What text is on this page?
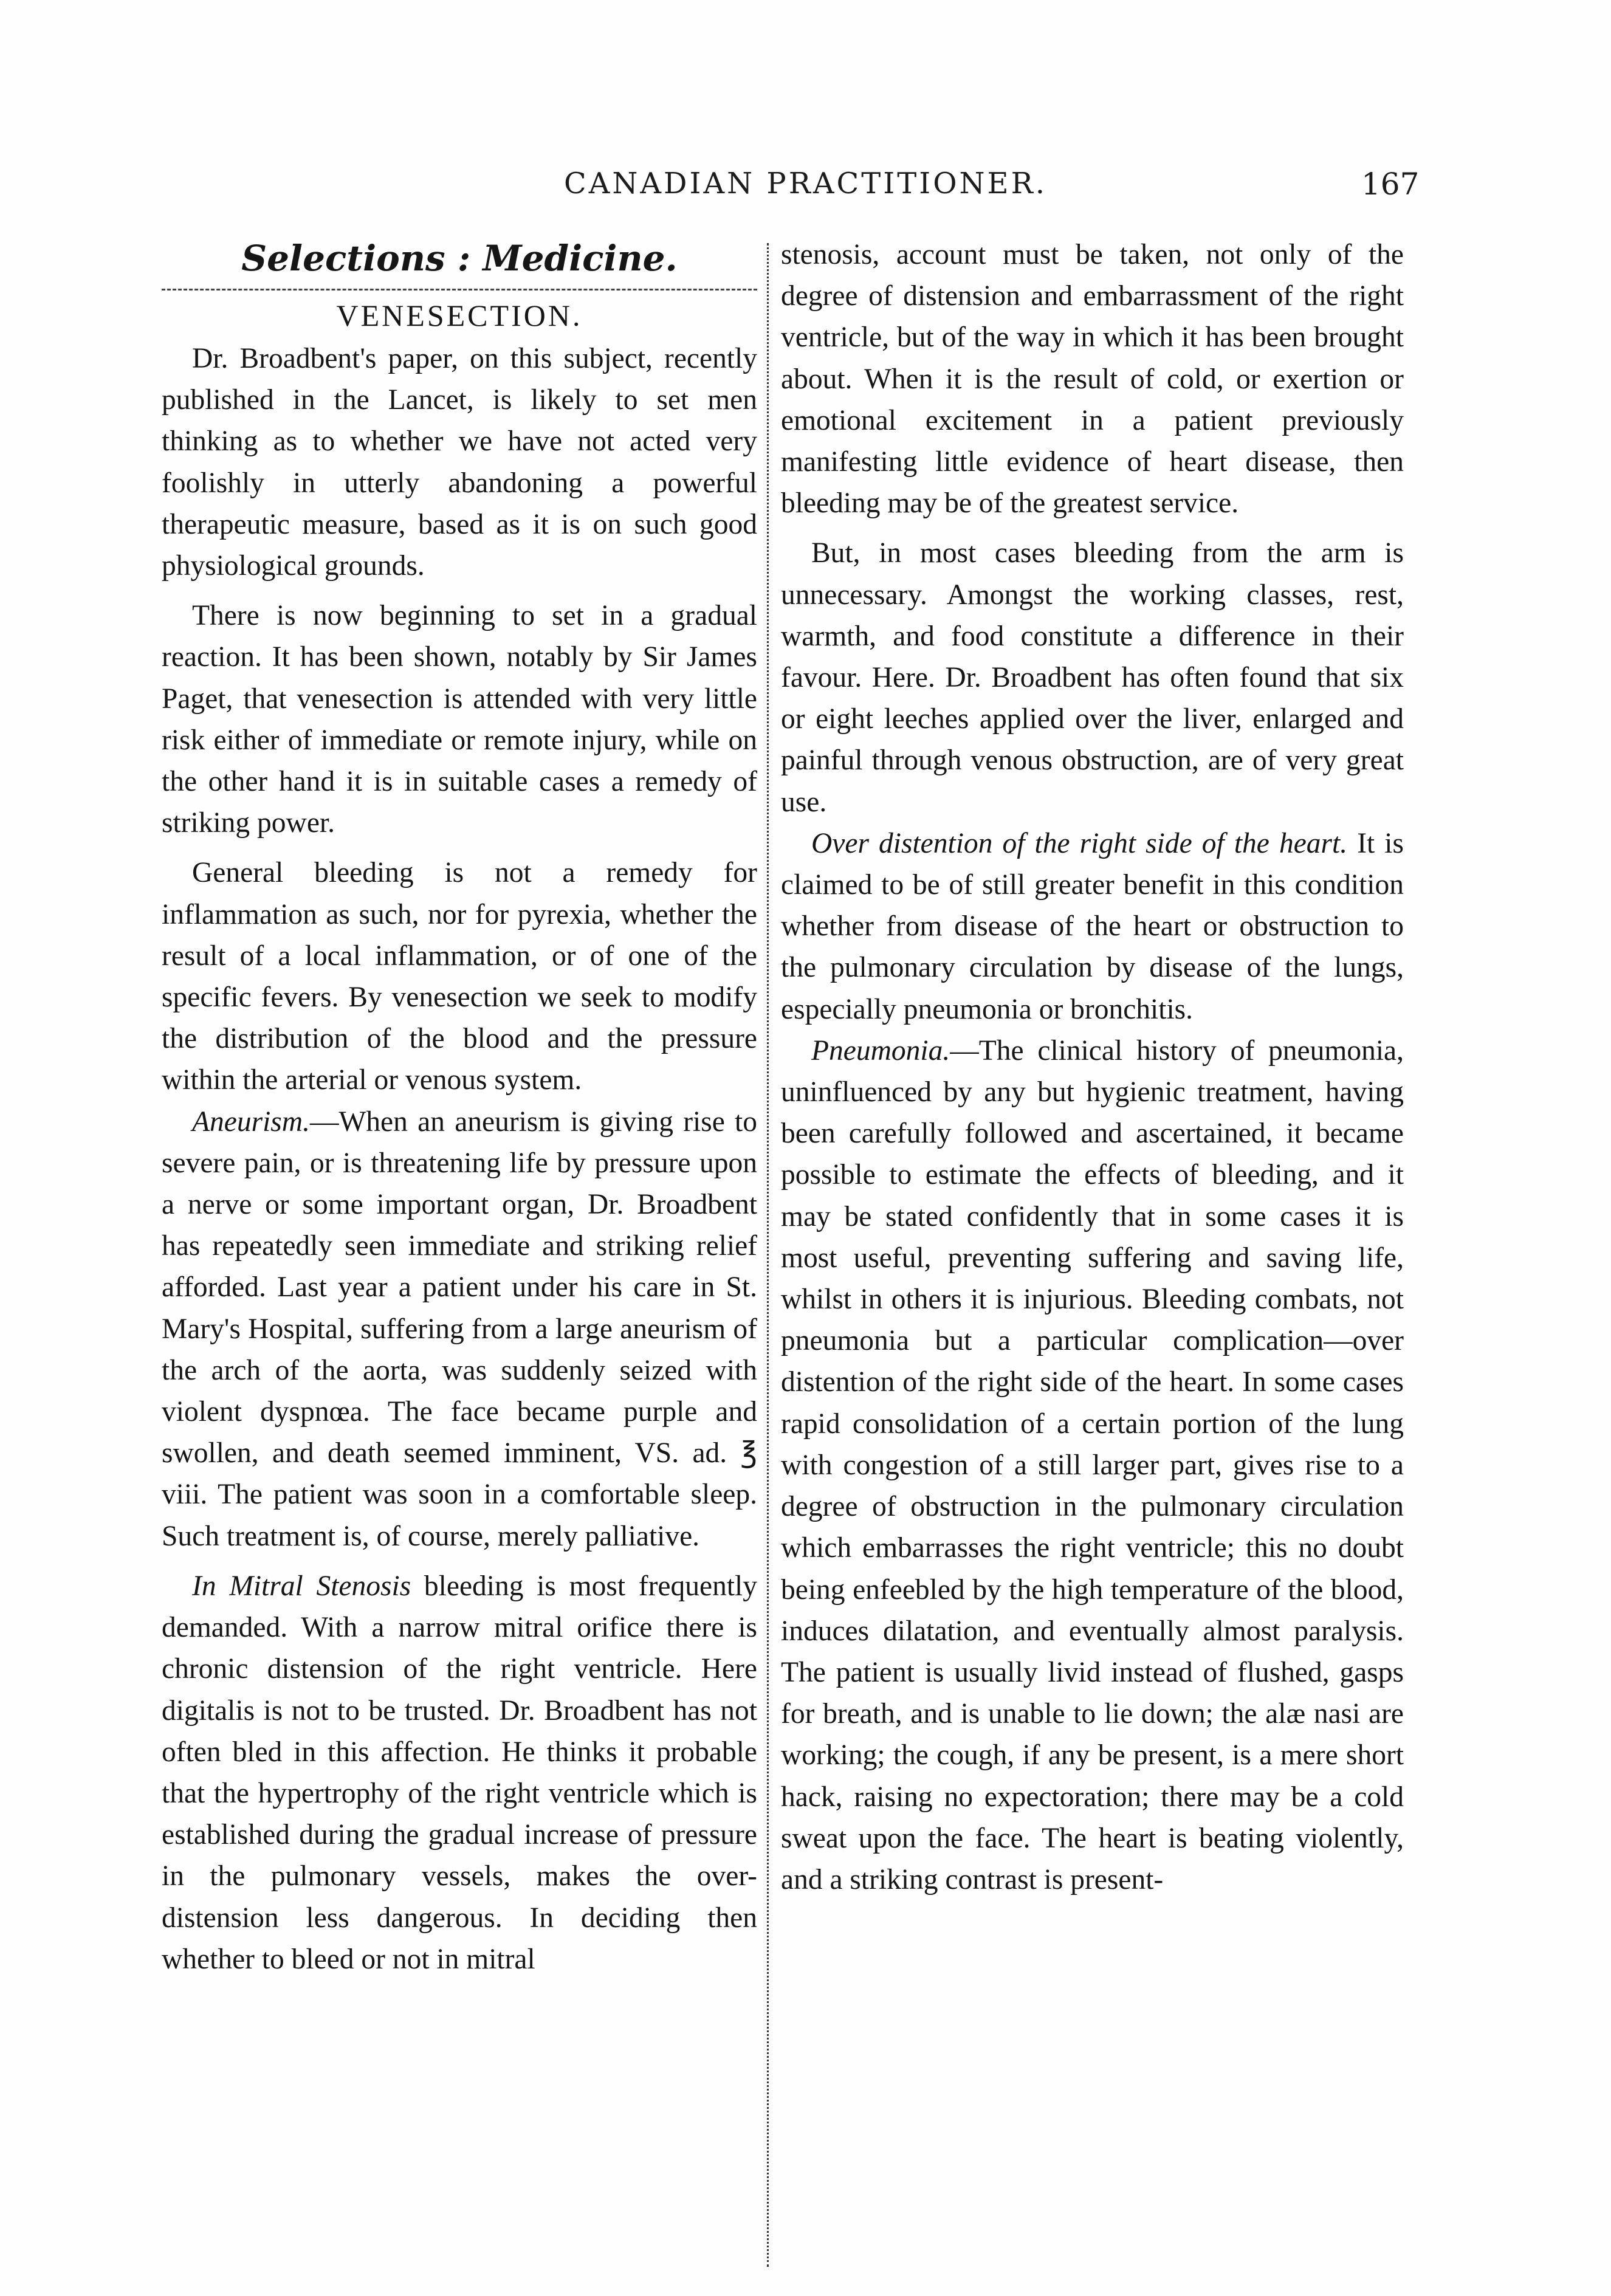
CANADIAN PRACTITIONER.	167
Selections : Medicine.
VENESECTION.

Dr. Broadbent's paper, on this subject, recently published in the Lancet, is likely to set men thinking as to whether we have not acted very foolishly in utterly abandoning a powerful therapeutic measure, based as it is on such good physiological grounds.

There is now beginning to set in a gradual reaction. It has been shown, notably by Sir James Paget, that venesection is attended with very little risk either of immediate or remote injury, while on the other hand it is in suitable cases a remedy of striking power.

General bleeding is not a remedy for inflammation as such, nor for pyrexia, whether the result of a local inflammation, or of one of the specific fevers. By venesection we seek to modify the distribution of the blood and the pressure within the arterial or venous system.

Aneurism.—When an aneurism is giving rise to severe pain, or is threatening life by pressure upon a nerve or some important organ, Dr. Broadbent has repeatedly seen immediate and striking relief afforded. Last year a patient under his care in St. Mary's Hospital, suffering from a large aneurism of the arch of the aorta, was suddenly seized with violent dyspnœa. The face became purple and swollen, and death seemed imminent, VS. ad. ℥ viii. The patient was soon in a comfortable sleep. Such treatment is, of course, merely palliative.

In Mitral Stenosis bleeding is most frequently demanded. With a narrow mitral orifice there is chronic distension of the right ventricle. Here digitalis is not to be trusted. Dr. Broadbent has not often bled in this affection. He thinks it probable that the hypertrophy of the right ventricle which is established during the gradual increase of pressure in the pulmonary vessels, makes the over-distension less dangerous. In deciding then whether to bleed or not in mitral

stenosis, account must be taken, not only of the degree of distension and embarrassment of the right ventricle, but of the way in which it has been brought about. When it is the result of cold, or exertion or emotional excitement in a patient previously manifesting little evidence of heart disease, then bleeding may be of the greatest service.

But, in most cases bleeding from the arm is unnecessary. Amongst the working classes, rest, warmth, and food constitute a difference in their favour. Here. Dr. Broadbent has often found that six or eight leeches applied over the liver, enlarged and painful through venous obstruction, are of very great use.

Over distention of the right side of the heart. It is claimed to be of still greater benefit in this condition whether from disease of the heart or obstruction to the pulmonary circulation by disease of the lungs, especially pneumonia or bronchitis.

Pneumonia.—The clinical history of pneumonia, uninfluenced by any but hygienic treatment, having been carefully followed and ascertained, it became possible to estimate the effects of bleeding, and it may be stated confidently that in some cases it is most useful, preventing suffering and saving life, whilst in others it is injurious. Bleeding combats, not pneumonia but a particular complication—over distention of the right side of the heart. In some cases rapid consolidation of a certain portion of the lung with congestion of a still larger part, gives rise to a degree of obstruction in the pulmonary circulation which embarrasses the right ventricle; this no doubt being enfeebled by the high temperature of the blood, induces dilatation, and eventually almost paralysis. The patient is usually livid instead of flushed, gasps for breath, and is unable to lie down; the alæ nasi are working; the cough, if any be present, is a mere short hack, raising no expectoration; there may be a cold sweat upon the face. The heart is beating violently, and a striking contrast is present-
